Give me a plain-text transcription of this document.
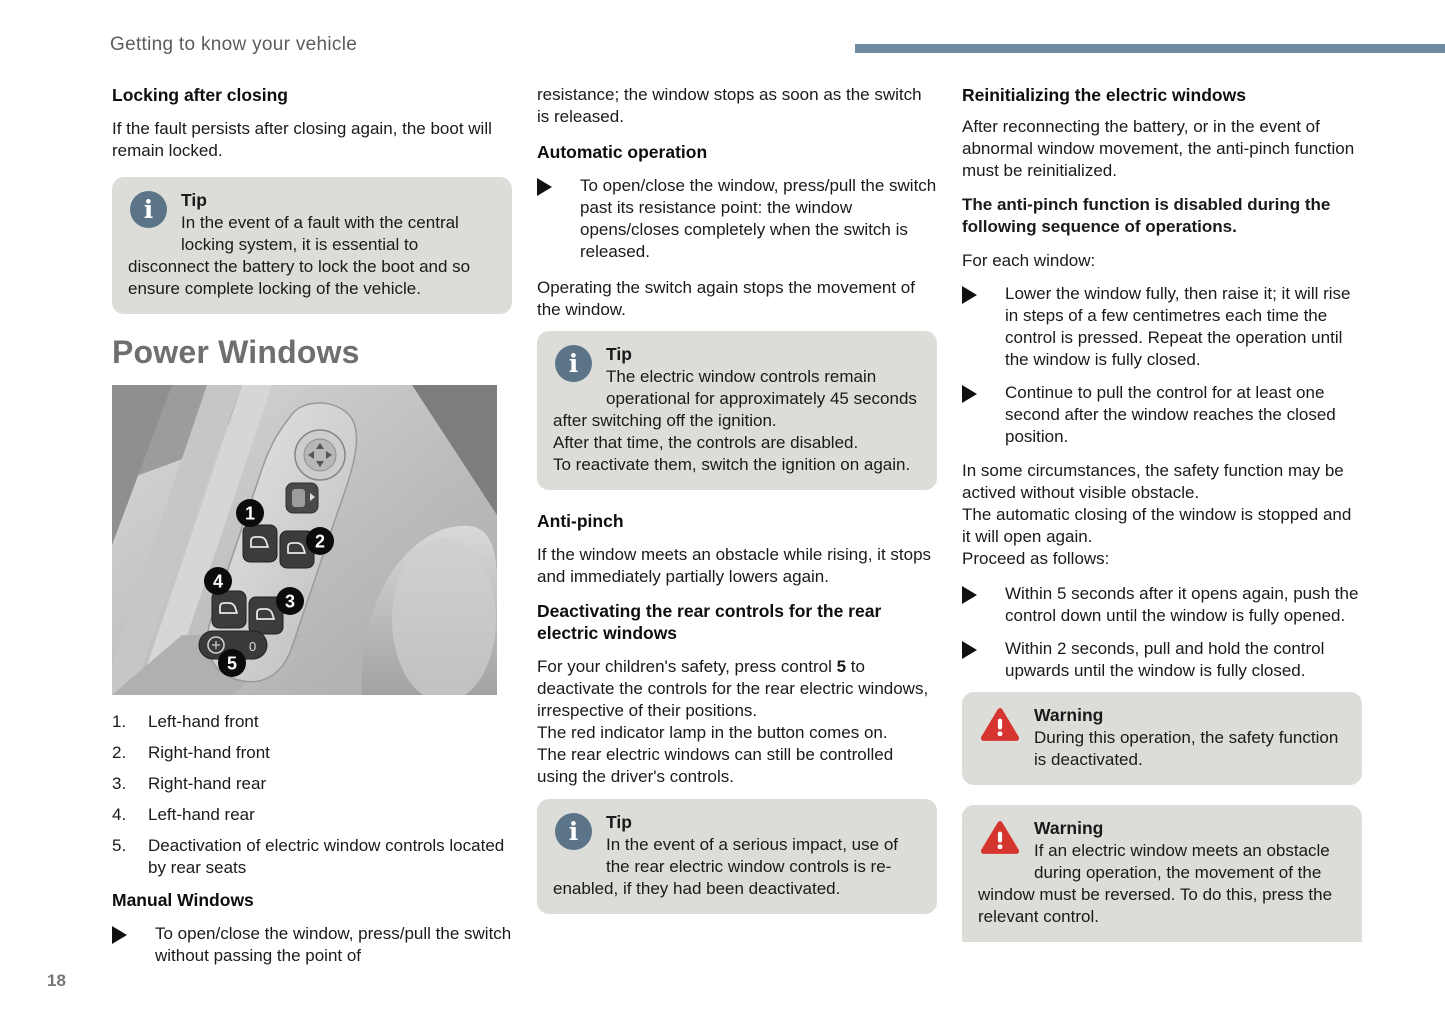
Getting to know your vehicle
18
Locking after closing

If the fault persists after closing again, the boot will remain locked.

i	Tip
In the event of a fault with the central locking system, it is essential to disconnect the battery to lock the boot and so ensure complete locking of the vehicle.
Power Windows
0
1
2
4
3
5
1.	Left-hand front
2.	Right-hand front
3.	Right-hand rear
4.	Left-hand rear
5.	Deactivation of electric window controls located by rear seats
Manual Windows
To open/close the window, press/pull the switch without passing the point of

resistance; the window stops as soon as the switch is released.

Automatic operation
To open/close the window, press/pull the switch past its resistance point: the window opens/closes completely when the switch is released.

Operating the switch again stops the movement of the window.

i	Tip
The electric window controls remain operational for approximately 45 seconds after switching off the ignition.
After that time, the controls are disabled.
To reactivate them, switch the ignition on again.
Anti-pinch

If the window meets an obstacle while rising, it stops and immediately partially lowers again.

Deactivating the rear controls for the rear electric windows

For your children's safety, press control 5 to deactivate the controls for the rear electric windows, irrespective of their positions.
The red indicator lamp in the button comes on.
The rear electric windows can still be controlled using the driver's controls.

i	Tip
In the event of a serious impact, use of the rear electric window controls is re-enabled, if they had been deactivated.
Reinitializing the electric windows

After reconnecting the battery, or in the event of abnormal window movement, the anti-pinch function must be reinitialized.

The anti-pinch function is disabled during the following sequence of operations.

For each window:

Lower the window fully, then raise it; it will rise in steps of a few centimetres each time the control is pressed. Repeat the operation until the window is fully closed.
Continue to pull the control for at least one second after the window reaches the closed position.

In some circumstances, the safety function may be actived without visible obstacle.
The automatic closing of the window is stopped and it will open again.
Proceed as follows:

Within 5 seconds after it opens again, push the control down until the window is fully opened.
Within 2 seconds, pull and hold the control upwards until the window is fully closed.
Warning
During this operation, the safety function is deactivated.
Warning
If an electric window meets an obstacle during operation, the movement of the window must be reversed. To do this, press the relevant control.
